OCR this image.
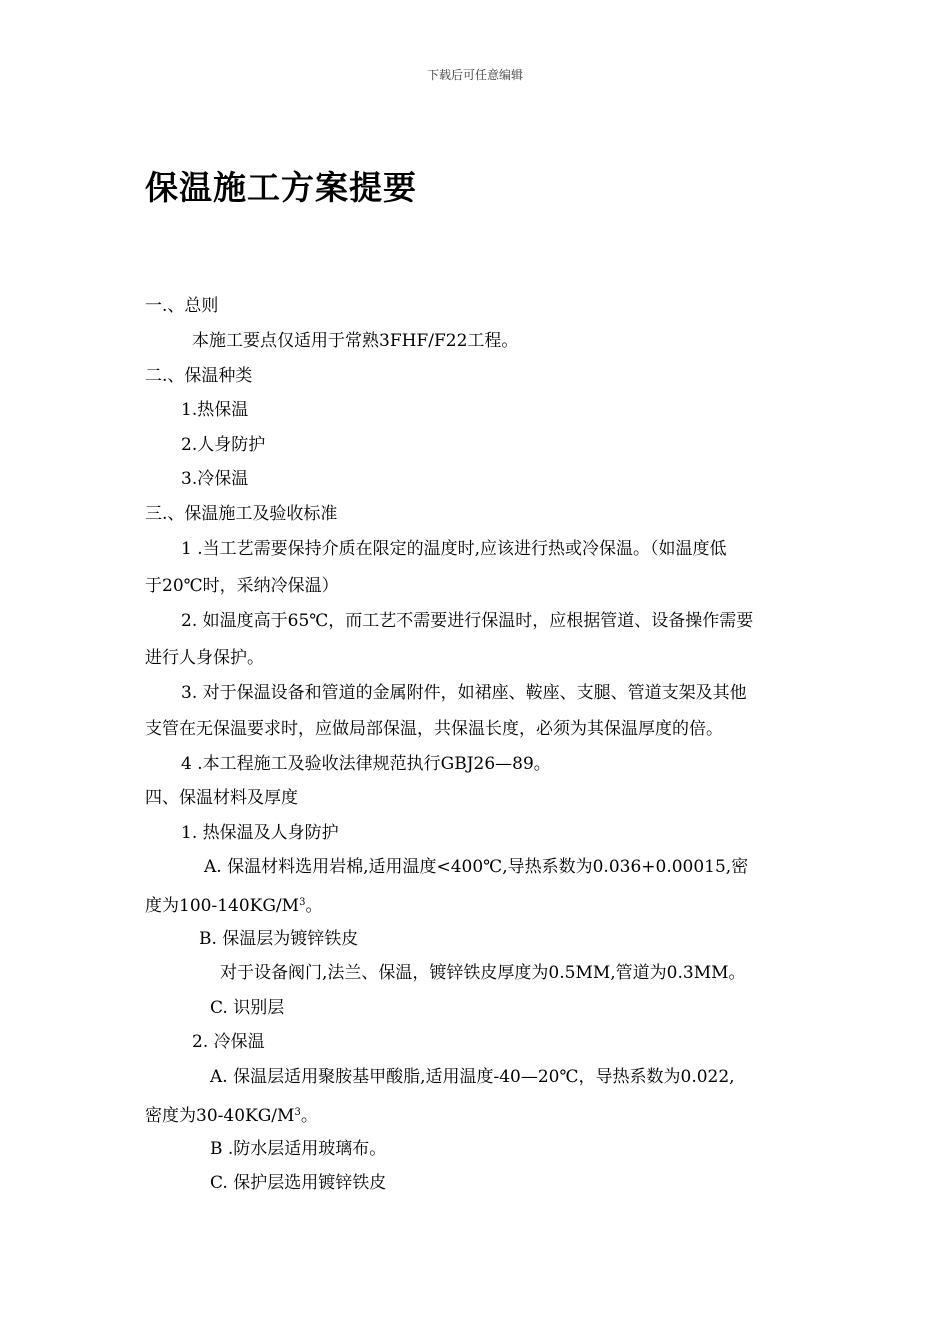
下载后可任意编辑
保温施工方案提要
一.、总则
本施工要点仅适用于常熟3FHF/F22工程。
二.、保温种类
1.热保温
2.人身防护
3.冷保温
三.、保温施工及验收标准
1 .当工艺需要保持介质在限定的温度时,应该进行热或冷保温。（如温度低
于20℃时，采纳冷保温）
2. 如温度高于65℃，而工艺不需要进行保温时，应根据管道、设备操作需要
进行人身保护。
3. 对于保温设备和管道的金属附件，如裙座、鞍座、支腿、管道支架及其他
支管在无保温要求时，应做局部保温，共保温长度，必须为其保温厚度的倍。
4 .本工程施工及验收法律规范执行GBJ26—89。
四、保温材料及厚度
1. 热保温及人身防护
A. 保温材料选用岩棉,适用温度<400℃,导热系数为0.036+0.00015,密
度为$100-140KG/M^3$。
B. 保温层为镀锌铁皮
对于设备阀门,法兰、保温，镀锌铁皮厚度为0.5MM,管道为0.3MM。
C. 识别层
2. 冷保温
A. 保温层适用聚胺基甲酸脂,适用温度-40—20℃，导热系数为0.022,
密度为$30-40KG/M^3$。
B .防水层适用玻璃布。
C. 保护层选用镀锌铁皮
